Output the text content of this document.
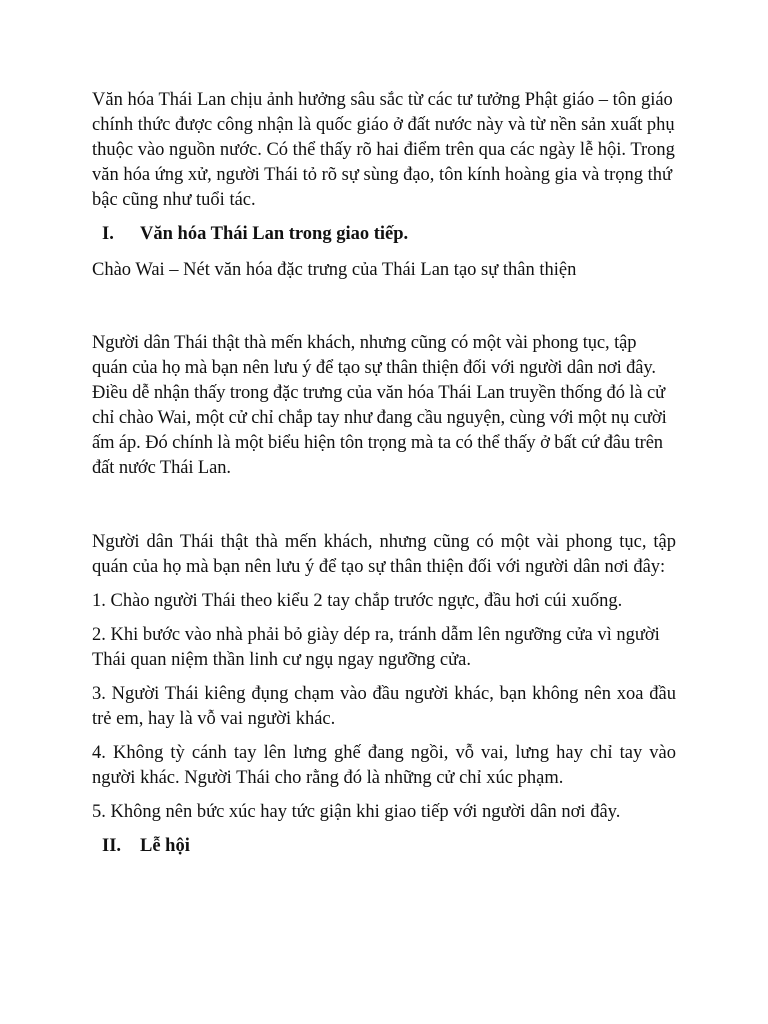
Văn hóa Thái Lan chịu ảnh hưởng sâu sắc từ các tư tưởng Phật giáo – tôn giáo chính thức được công nhận là quốc giáo ở đất nước này và từ nền sản xuất phụ thuộc vào nguồn nước. Có thể thấy rõ hai điểm trên qua các ngày lễ hội. Trong văn hóa ứng xử, người Thái tỏ rõ sự sùng đạo, tôn kính hoàng gia và trọng thứ bậc cũng như tuổi tác.

I.	Văn hóa Thái Lan trong giao tiếp.

Chào Wai – Nét văn hóa đặc trưng của Thái Lan tạo sự thân thiện

Người dân Thái thật thà mến khách, nhưng cũng có một vài phong tục, tập quán của họ mà bạn nên lưu ý để tạo sự thân thiện đối với người dân nơi đây. Điều dễ nhận thấy trong đặc trưng của văn hóa Thái Lan truyền thống đó là cử chỉ chào Wai, một cử chỉ chắp tay như đang cầu nguyện, cùng với một nụ cười ấm áp. Đó chính là một biểu hiện tôn trọng mà ta có thể thấy ở bất cứ đâu trên đất nước Thái Lan.

Người dân Thái thật thà mến khách, nhưng cũng có một vài phong tục, tập quán của họ mà bạn nên lưu ý để tạo sự thân thiện đối với người dân nơi đây:

1. Chào người Thái theo kiểu 2 tay chắp trước ngực, đầu hơi cúi xuống.

2. Khi bước vào nhà phải bỏ giày dép ra, tránh dẫm lên ngưỡng cửa vì người Thái quan niệm thần linh cư ngụ ngay ngưỡng cửa.

3. Người Thái kiêng đụng chạm vào đầu người khác, bạn không nên xoa đầu trẻ em, hay là vỗ vai người khác.

4. Không tỳ cánh tay lên lưng ghế đang ngồi, vỗ vai, lưng hay chỉ tay vào người khác. Người Thái cho rằng đó là những cử chỉ xúc phạm.

5. Không nên bức xúc hay tức giận khi giao tiếp với người dân nơi đây.

II.	Lễ hội
